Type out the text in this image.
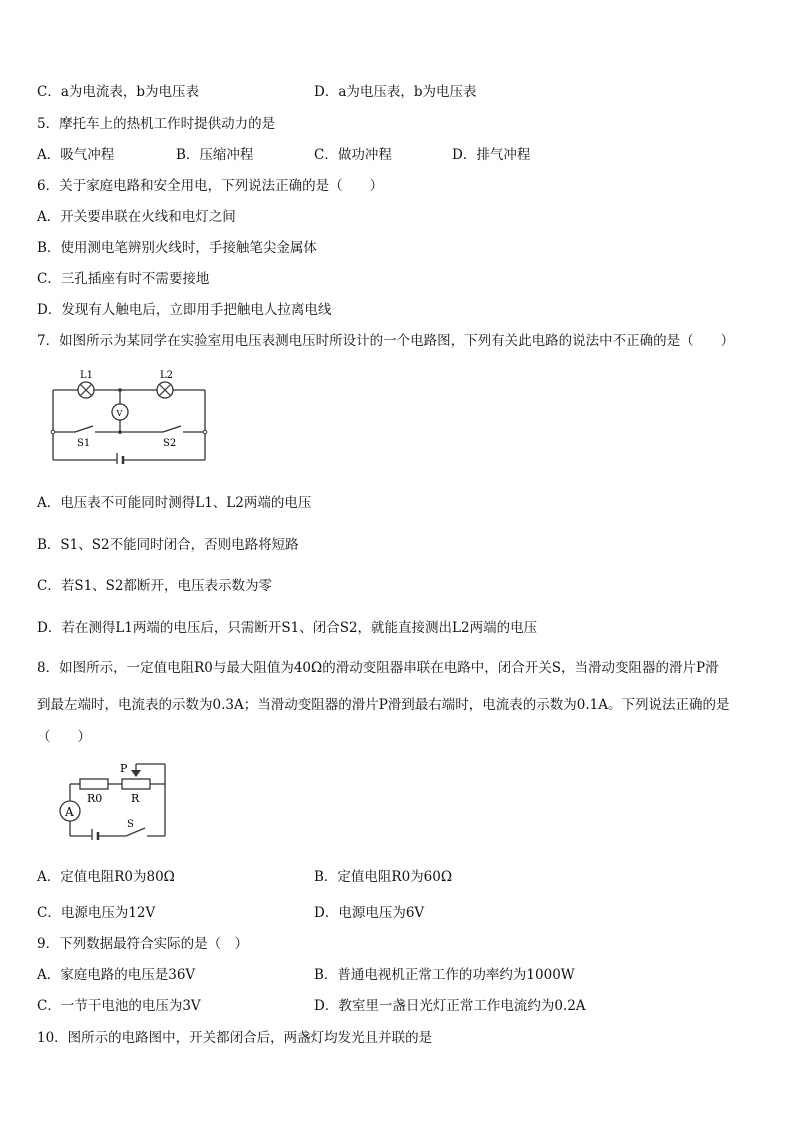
C．a为电流表，b为电压表	D．a为电压表，b为电压表
5．摩托车上的热机工作时提供动力的是
A．吸气冲程	B．压缩冲程	C．做功冲程	D．排气冲程
6．关于家庭电路和安全用电，下列说法正确的是（　　）
A．开关要串联在火线和电灯之间
B．使用测电笔辨别火线时，手接触笔尖金属体
C．三孔插座有时不需要接地
D．发现有人触电后，立即用手把触电人拉离电线
7．如图所示为某同学在实验室用电压表测电压时所设计的一个电路图，下列有关此电路的说法中不正确的是（　　）
L1	L2
V
S1	S2
A．电压表不可能同时测得L1、L2两端的电压
B．S1、S2不能同时闭合，否则电路将短路
C．若S1、S2都断开，电压表示数为零
D．若在测得L1两端的电压后，只需断开S1、闭合S2，就能直接测出L2两端的电压
8．如图所示，一定值电阻R0与最大阻值为40Ω的滑动变阻器串联在电路中，闭合开关S，当滑动变阻器的滑片P滑
到最左端时，电流表的示数为0.3A；当滑动变阻器的滑片P滑到最右端时，电流表的示数为0.1A。下列说法正确的是
（　　）
P
R0	R
A
S
A．定值电阻R0为80Ω	B．定值电阻R0为60Ω
C．电源电压为12V	D．电源电压为6V
9．下列数据最符合实际的是（　）
A．家庭电路的电压是36V	B．普通电视机正常工作的功率约为1000W
C．一节干电池的电压为3V	D．教室里一盏日光灯正常工作电流约为0.2A
10．图所示的电路图中，开关都闭合后，两盏灯均发光且并联的是
